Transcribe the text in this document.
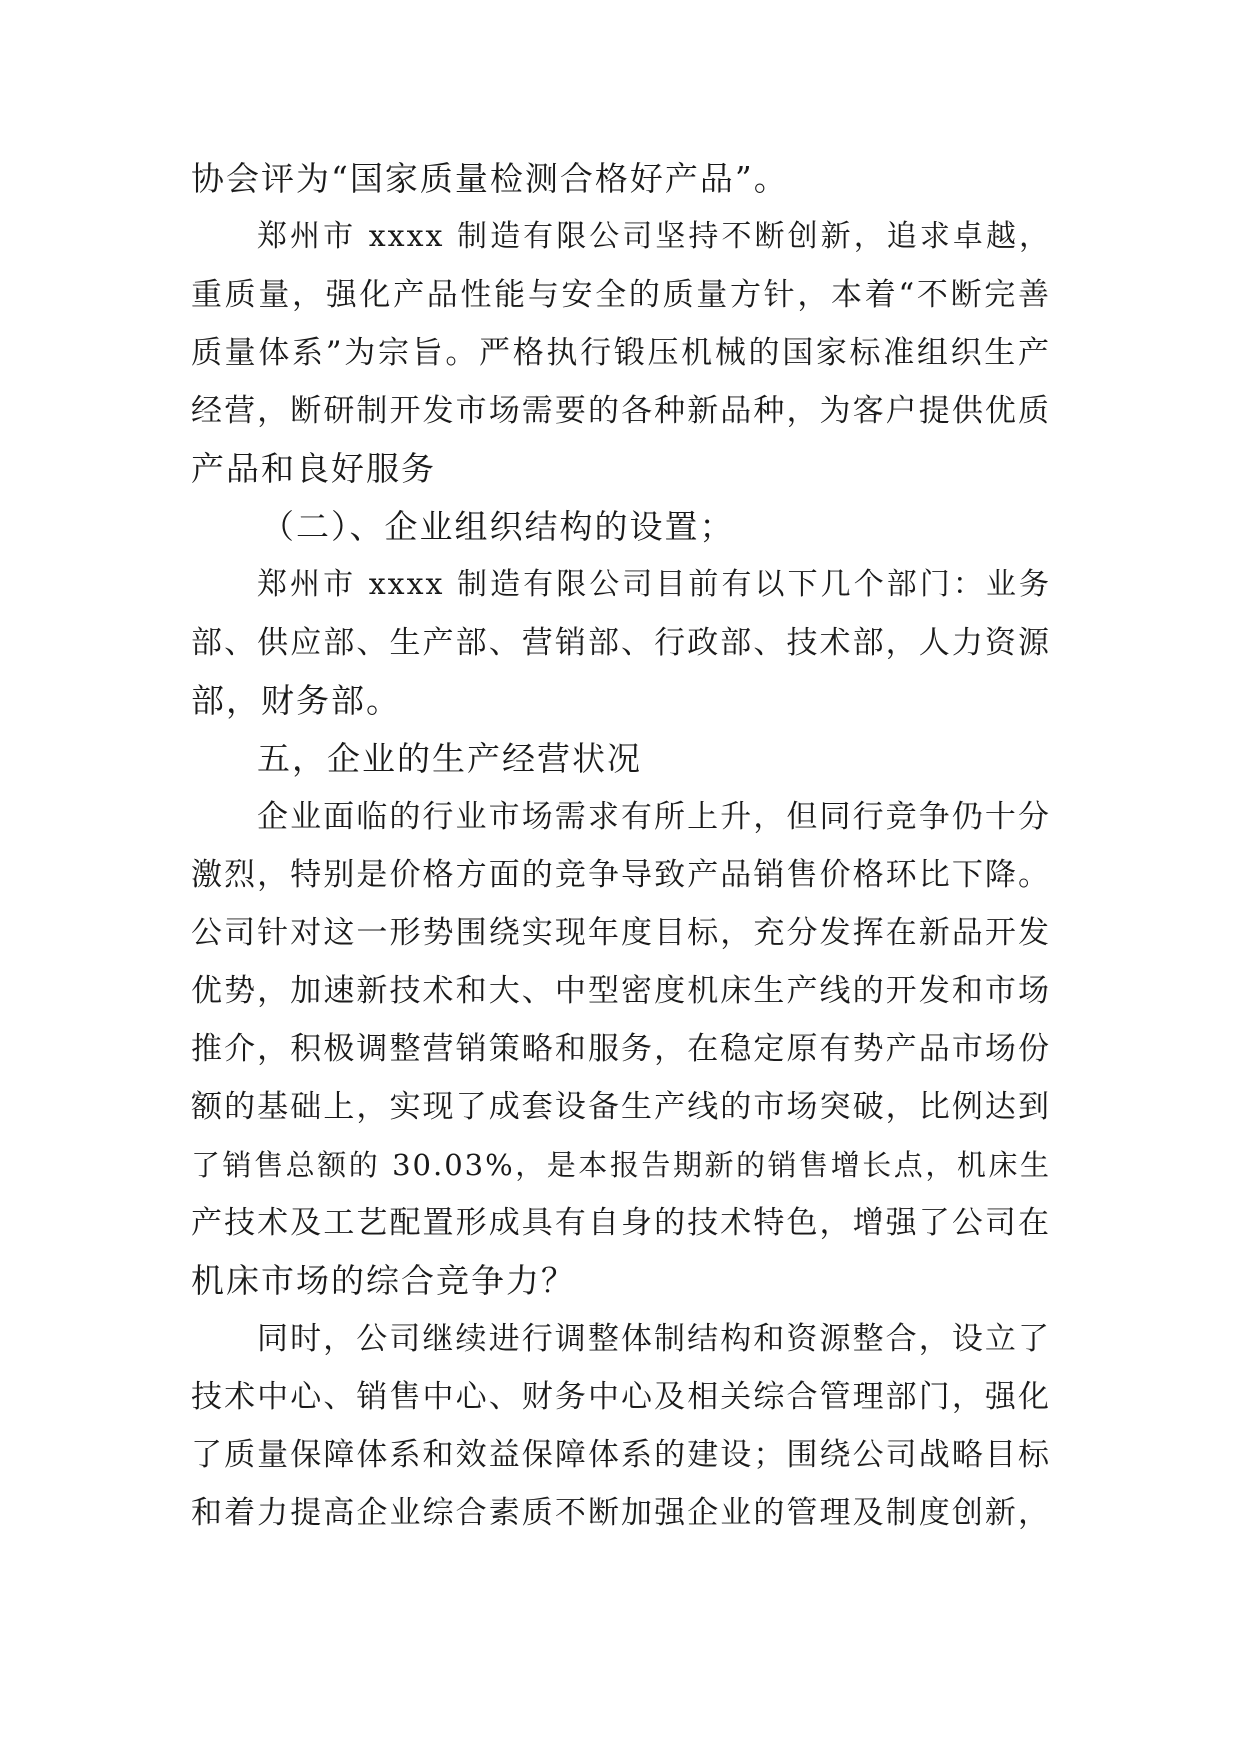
协会评为“国家质量检测合格好产品”。
郑州市 xxxx 制造有限公司坚持不断创新，追求卓越，
重质量，强化产品性能与安全的质量方针，本着“不断完善
质量体系”为宗旨。严格执行锻压机械的国家标准组织生产
经营，断研制开发市场需要的各种新品种，为客户提供优质
产品和良好服务
（二）、企业组织结构的设置；
郑州市 xxxx 制造有限公司目前有以下几个部门：业务
部、供应部、生产部、营销部、行政部、技术部，人力资源
部，财务部。
五，企业的生产经营状况
企业面临的行业市场需求有所上升，但同行竞争仍十分
激烈，特别是价格方面的竞争导致产品销售价格环比下降。
公司针对这一形势围绕实现年度目标，充分发挥在新品开发
优势，加速新技术和大、中型密度机床生产线的开发和市场
推介，积极调整营销策略和服务，在稳定原有势产品市场份
额的基础上，实现了成套设备生产线的市场突破，比例达到
了销售总额的 30.03%，是本报告期新的销售增长点，机床生
产技术及工艺配置形成具有自身的技术特色，增强了公司在
机床市场的综合竞争力？
同时，公司继续进行调整体制结构和资源整合，设立了
技术中心、销售中心、财务中心及相关综合管理部门，强化
了质量保障体系和效益保障体系的建设；围绕公司战略目标
和着力提高企业综合素质不断加强企业的管理及制度创新，
